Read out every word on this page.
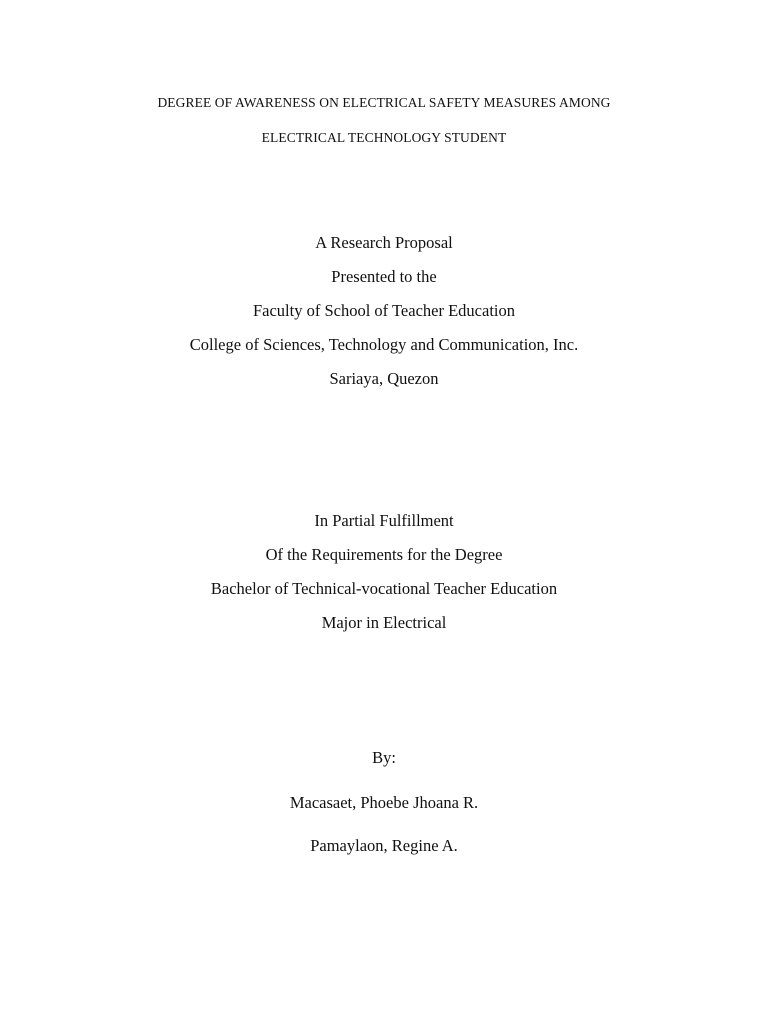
DEGREE OF AWARENESS ON ELECTRICAL SAFETY MEASURES AMONG
ELECTRICAL TECHNOLOGY STUDENT
A Research Proposal
Presented to the
Faculty of School of Teacher Education
College of Sciences, Technology and Communication, Inc.
Sariaya, Quezon
In Partial Fulfillment
Of the Requirements for the Degree
Bachelor of Technical-vocational Teacher Education
Major in Electrical
By:
Macasaet, Phoebe Jhoana R.
Pamaylaon, Regine A.
